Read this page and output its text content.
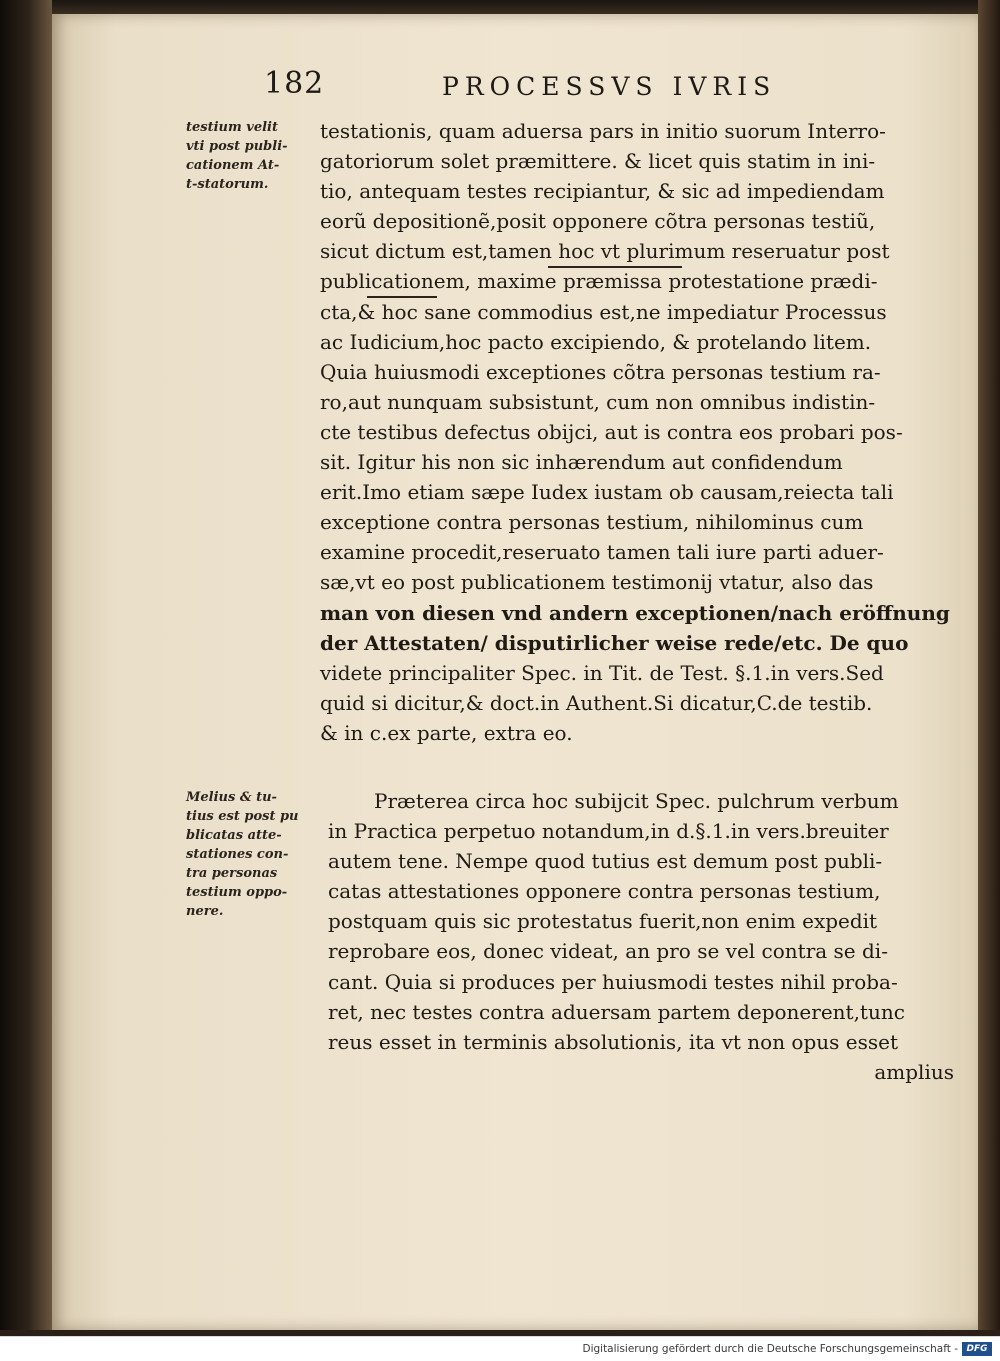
182	PROCESSVS IVRIS
testium velit
vti post publi-
cationem At-
t-statorum.
Melius & tu-
tius est post pu
blicatas atte-
stationes con-
tra personas
testium oppo-
nere.
testationis, quam aduersa pars in initio suorum Interro-
gatoriorum solet præmittere. & licet quis statim in ini-
tio, antequam testes recipiantur, & sic ad impediendam
eorũ depositionẽ,posit opponere cõtra personas testiũ,
sicut dictum est,tamen hoc vt plurimum reseruatur post
publicationem, maxime præmissa protestatione prædi-
cta,& hoc sane commodius est,ne impediatur Processus
ac Iudicium,hoc pacto excipiendo, & protelando litem.
Quia huiusmodi exceptiones cõtra personas testium ra-
ro,aut nunquam subsistunt, cum non omnibus indistin-
cte testibus defectus obijci, aut is contra eos probari pos-
sit. Igitur his non sic inhærendum aut confidendum
erit.Imo etiam sæpe Iudex iustam ob causam,reiecta tali
exceptione contra personas testium, nihilominus cum
examine procedit,reseruato tamen tali iure parti aduer-
sæ,vt eo post publicationem testimonij vtatur, also das
man von diesen vnd andern exceptionen/nach eröffnung
der Attestaten/ disputirlicher weise rede/etc. De quo
videte principaliter Spec. in Tit. de Test. §.1.in vers.Sed
quid si dicitur,& doct.in Authent.Si dicatur,C.de testib.
& in c.ex parte, extra eo.
Præterea circa hoc subijcit Spec. pulchrum verbum
in Practica perpetuo notandum,in d.§.1.in vers.breuiter
autem tene. Nempe quod tutius est demum post publi-
catas attestationes opponere contra personas testium,
postquam quis sic protestatus fuerit,non enim expedit
reprobare eos, donec videat, an pro se vel contra se di-
cant. Quia si produces per huiusmodi testes nihil proba-
ret, nec testes contra aduersam partem deponerent,tunc
reus esset in terminis absolutionis, ita vt non opus esset
amplius
Digitalisierung gefördert durch die Deutsche Forschungsgemeinschaft - DFG
